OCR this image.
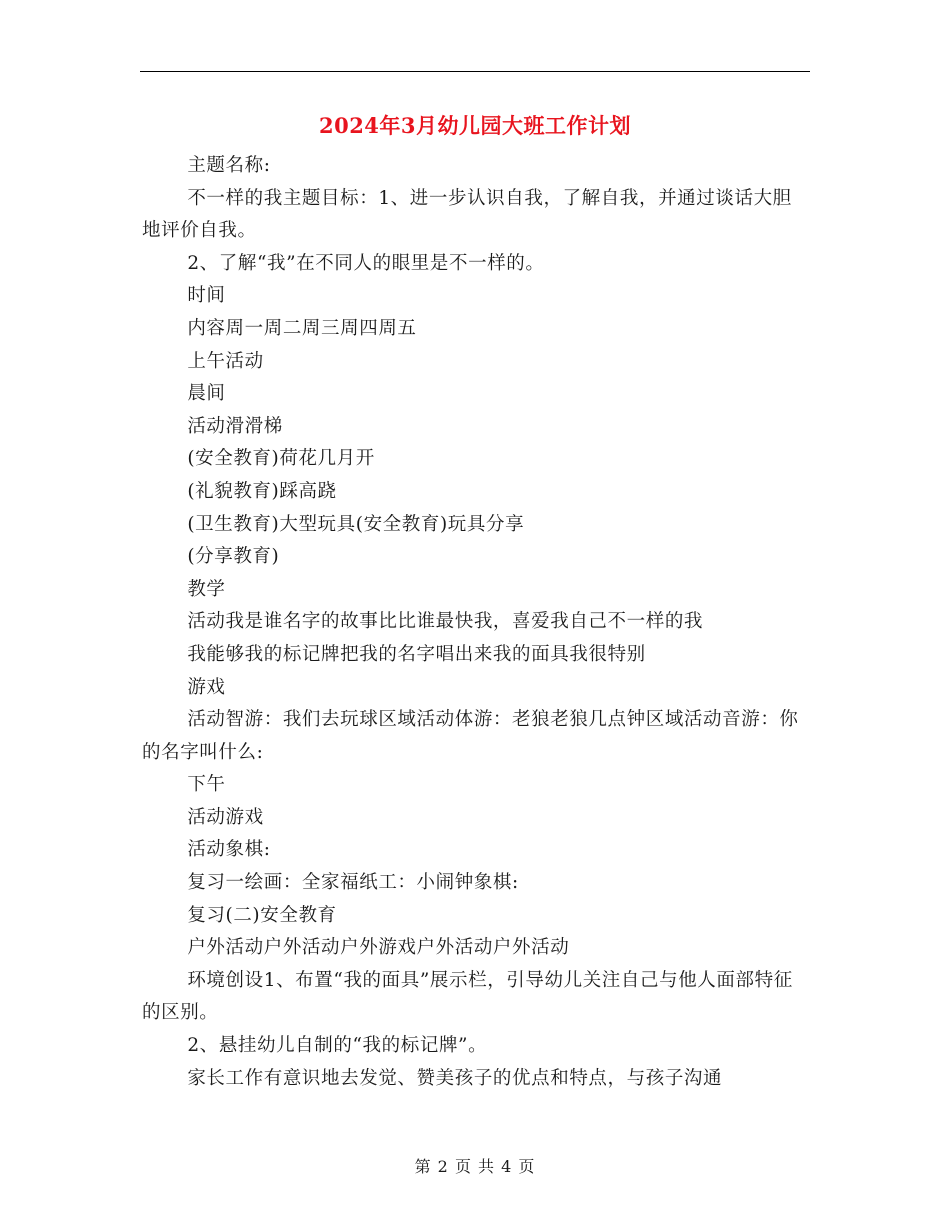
2024年3月幼儿园大班工作计划

主题名称:

不一样的我主题目标：1、进一步认识自我，了解自我，并通过谈话大胆地评价自我。

2、了解“我”在不同人的眼里是不一样的。

时间

内容周一周二周三周四周五

上午活动

晨间

活动滑滑梯

(安全教育)荷花几月开

(礼貌教育)踩高跷

(卫生教育)大型玩具(安全教育)玩具分享

(分享教育)

教学

活动我是谁名字的故事比比谁最快我，喜爱我自己不一样的我

我能够我的标记牌把我的名字唱出来我的面具我很特别

游戏

活动智游：我们去玩球区域活动体游：老狼老狼几点钟区域活动音游：你的名字叫什么:

下午

活动游戏

活动象棋:

复习一绘画：全家福纸工：小闹钟象棋:

复习(二)安全教育

户外活动户外活动户外游戏户外活动户外活动

环境创设1、布置“我的面具”展示栏，引导幼儿关注自己与他人面部特征的区别。

2、悬挂幼儿自制的“我的标记牌”。

家长工作有意识地去发觉、赞美孩子的优点和特点，与孩子沟通

第 2 页 共 4 页
